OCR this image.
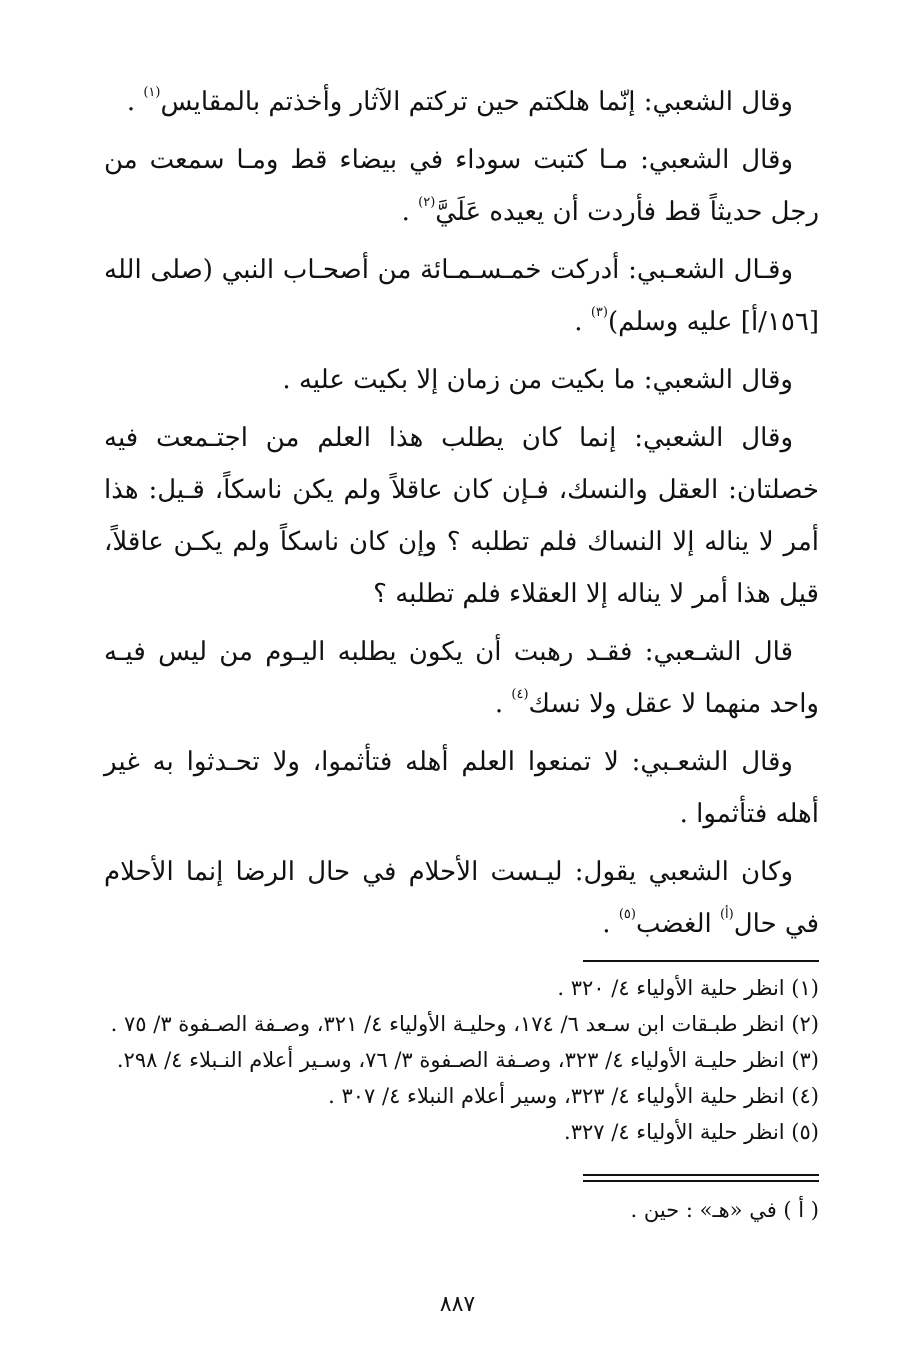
وقال الشعبي: إنّما هلكتم حين تركتم الآثار وأخذتم بالمقايس$^{(١)}$ .

وقال الشعبي: مـا كتبت سوداء في بيضاء قط ومـا سمعت من رجل حديثاً قط فأردت أن يعيده عَلَيَّ$^{(٢)}$ .

وقـال الشعـبي: أدركت خمـسـمـائة من أصحـاب النبي (صلى الله [١٥٦/أ] عليه وسلم)$^{(٣)}$ .

وقال الشعبي: ما بكيت من زمان إلا بكيت عليه .

وقال الشعبي: إنما كان يطلب هذا العلم من اجتـمعت فيه خصلتان: العقل والنسك، فـإن كان عاقلاً ولم يكن ناسكاً، قـيل: هذا أمر لا يناله إلا النساك فلم تطلبه ؟ وإن كان ناسكاً ولم يكـن عاقلاً، قيل هذا أمر لا يناله إلا العقلاء فلم تطلبه ؟

قال الشـعبي: فقـد رهبت أن يكون يطلبه اليـوم من ليس فيـه واحد منهما لا عقل ولا نسك$^{(٤)}$ .

وقال الشعـبي: لا تمنعوا العلم أهله فتأثموا، ولا تحـدثوا به غير أهله فتأثموا .

وكان الشعبي يقول: ليـست الأحلام في حال الرضا إنما الأحلام في حال$^{(أ)}$ الغضب$^{(٥)}$ .

(١) انظر حلية الأولياء ٤/ ٣٢٠ .

(٢) انظر طبـقات ابن سـعد ٦/ ١٧٤، وحليـة الأولياء ٤/ ٣٢١، وصـفة الصـفوة ٣/ ٧٥ .

(٣) انظر حليـة الأولياء ٤/ ٣٢٣، وصـفة الصـفوة ٣/ ٧٦، وسـير أعلام النـبلاء ٤/ ٢٩٨.

(٤) انظر حلية الأولياء ٤/ ٣٢٣، وسير أعلام النبلاء ٤/ ٣٠٧ .

(٥) انظر حلية الأولياء ٤/ ٣٢٧.

( أ ) في «هـ» : حين .

٨٨٧
